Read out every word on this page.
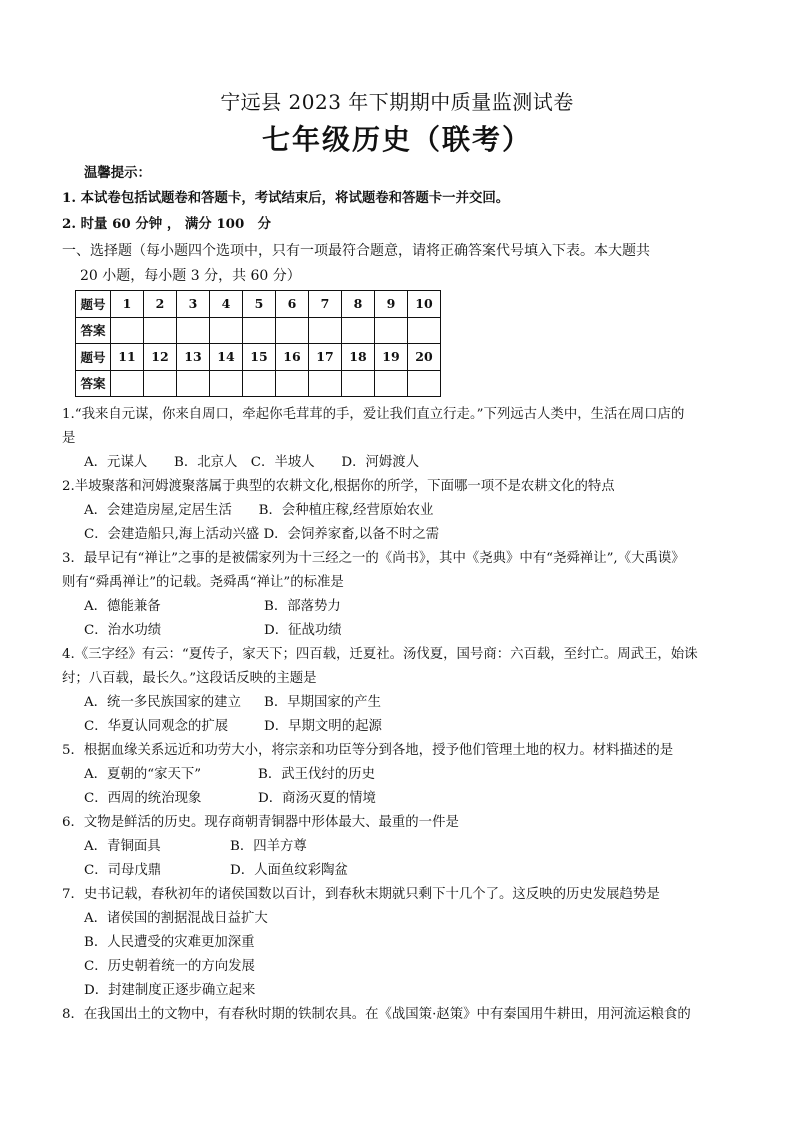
宁远县 2023 年下期期中质量监测试卷
七年级历史（联考）
温馨提示：
1. 本试卷包括试题卷和答题卡，考试结束后，将试题卷和答题卡一并交回。
2. 时量 60 分钟 ， 满分 100　分
一、选择题（每小题四个选项中，只有一项最符合题意，请将正确答案代号填入下表。本大题共
20 小题，每小题 3 分，共 60 分）
题号	1	2	3	4	5	6	7	8	9	10
答案										
题号	11	12	13	14	15	16	17	18	19	20
答案										
1.“我来自元谋，你来自周口，牵起你毛茸茸的手，爱让我们直立行走。”下列远古人类中，生活在周口店的
是
A．元谋人　　B．北京人　C．半坡人　　D．河姆渡人
2.半坡聚落和河姆渡聚落属于典型的农耕文化,根据你的所学，下面哪一项不是农耕文化的特点
A．会建造房屋,定居生活　　B．会种植庄稼,经营原始农业
C．会建造船只,海上活动兴盛 D．会饲养家畜,以备不时之需
3．最早记有“禅让”之事的是被儒家列为十三经之一的《尚书》，其中《尧典》中有“尧舜禅让”,《大禹谟》
则有“舜禹禅让”的记载。尧舜禹“禅让”的标准是
A．德能兼备	B．部落势力
C．治水功绩	D．征战功绩
4.《三字经》有云：“夏传子，家天下；四百载，迁夏社。汤伐夏，国号商：六百载，至纣亡。周武王，始诛
纣；八百载，最长久。”这段话反映的主题是
A．统一多民族国家的建立 B．早期国家的产生
C．华夏认同观念的扩展	D．早期文明的起源
5．根据血缘关系远近和功劳大小，将宗亲和功臣等分到各地，授予他们管理土地的权力。材料描述的是
A．夏朝的“家天下”	B．武王伐纣的历史
C．西周的统治现象	D．商汤灭夏的情境
6．文物是鲜活的历史。现存商朝青铜器中形体最大、最重的一件是
A．青铜面具	B．四羊方尊
C．司母戊鼎	D．人面鱼纹彩陶盆
7．史书记载，春秋初年的诸侯国数以百计，到春秋末期就只剩下十几个了。这反映的历史发展趋势是
A．诸侯国的割据混战日益扩大
B．人民遭受的灾难更加深重
C．历史朝着统一的方向发展
D．封建制度正逐步确立起来
8．在我国出土的文物中，有春秋时期的铁制农具。在《战国策·赵策》中有秦国用牛耕田，用河流运粮食的
